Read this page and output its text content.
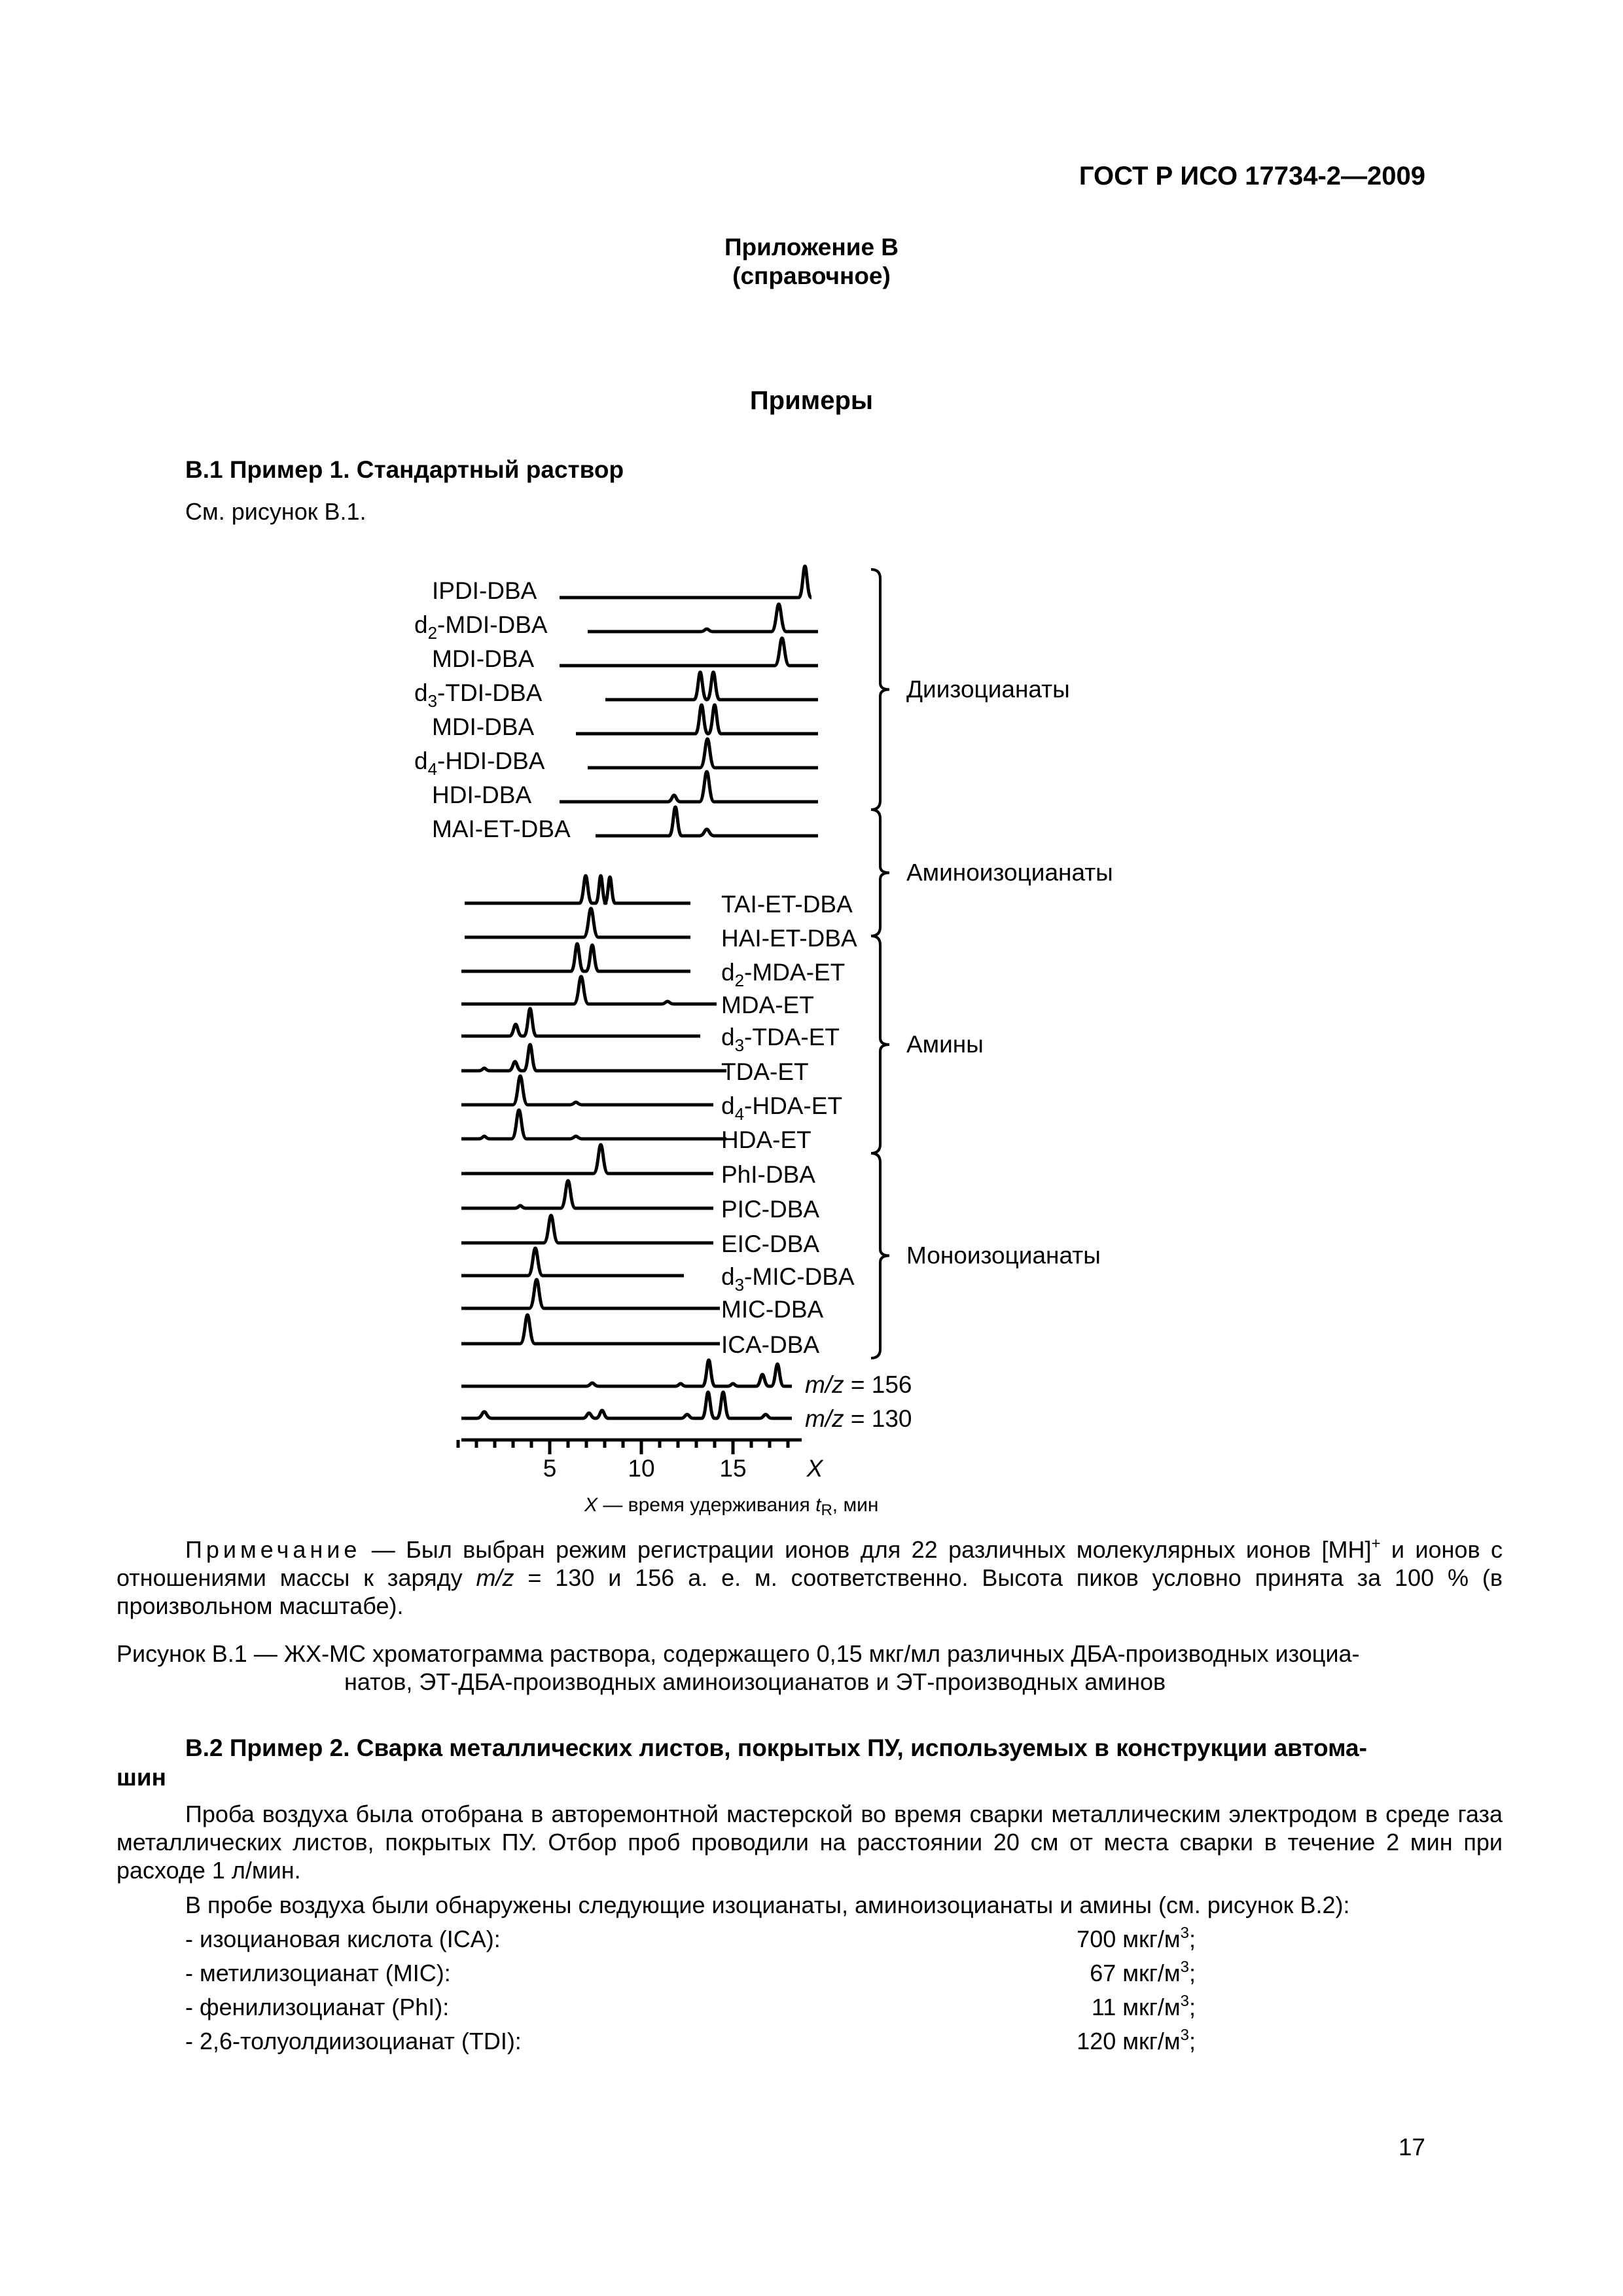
ГОСТ Р ИСО 17734-2—2009
Приложение В
(справочное)
Примеры
В.1 Пример 1. Стандартный раствор
См. рисунок В.1.
IPDI-DBA
$d_2-MDI$-DBA
MDI-DBA
$d_3-TDI$-DBA
MDI-DBA
$d_4-HDI$-DBA
HDI-DBA
MAI-ET-DBA
TAI-ET-DBA
HAI-ET-DBA
$d_2-MDA-ET$
MDA-ET
$d_3-TDA-ET$
TDA-ET
$d_4-HDA-ET$
HDA-ET
PhI-DBA
PIC-DBA
EIC-DBA
$d_3-MIC$-DBA
MIC-DBA
ICA-DBA
m/z = 156
m/z = 130
5	10	15 X
Диизоцианаты
Аминоизоцианаты
Амины
Моноизоцианаты
X — время удерживания $t_R$, мин
Примечание — Был выбран режим регистрации ионов для 22 различных молекулярных ионов [MH]+ и ионов с отношениями массы к заряду m/z = 130 и 156 а. е. м. соответственно. Высота пиков условно принята за 100 % (в произвольном масштабе).
Рисунок В.1 — ЖХ-МС хроматограмма раствора, содержащего 0,15 мкг/мл различных ДБА-производных изоциа-
натов, ЭТ-ДБА-производных аминоизоцианатов и ЭТ-производных аминов
В.2 Пример 2. Сварка металлических листов, покрытых ПУ, используемых в конструкции автома-
шин
Проба воздуха была отобрана в авторемонтной мастерской во время сварки металлическим электродом в среде газа металлических листов, покрытых ПУ. Отбор проб проводили на расстоянии 20 см от места сварки в течение 2 мин при расходе 1 л/мин.
В пробе воздуха были обнаружены следующие изоцианаты, аминоизоцианаты и амины (см. рисунок В.2):
- изоциановая кислота (ICA):	700 мкг/$м^3$;
- метилизоцианат (MIC):	67 мкг/$м^3$;
- фенилизоцианат (PhI):	11 мкг/$м^3$;
- 2,6-толуолдиизоцианат (TDI):	120 мкг/$м^3$;
17
